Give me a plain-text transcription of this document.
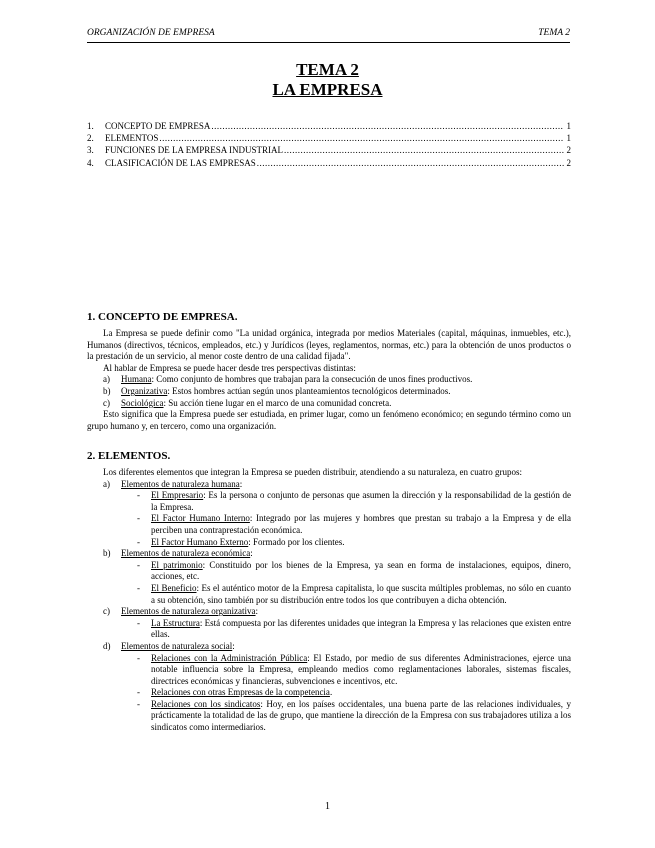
ORGANIZACIÓN DE EMPRESA	TEMA 2
TEMA 2
LA EMPRESA
1.	CONCEPTO DE EMPRESA .....	1
2.	ELEMENTOS .....	1
3.	FUNCIONES DE LA EMPRESA INDUSTRIAL .....	2
4.	CLASIFICACIÓN DE LAS EMPRESAS .....	2
1. CONCEPTO DE EMPRESA.

La Empresa se puede definir como "La unidad orgánica, integrada por medios Materiales (capital, máquinas, inmuebles, etc.), Humanos (directivos, técnicos, empleados, etc.) y Jurídicos (leyes, reglamentos, normas, etc.) para la obtención de unos productos o la prestación de un servicio, al menor coste dentro de una calidad fijada".

Al hablar de Empresa se puede hacer desde tres perspectivas distintas:

a)	Humana: Como conjunto de hombres que trabajan para la consecución de unos fines productivos.
b)	Organizativa: Estos hombres actúan según unos planteamientos tecnológicos determinados.
c)	Sociológica: Su acción tiene lugar en el marco de una comunidad concreta.

Esto significa que la Empresa puede ser estudiada, en primer lugar, como un fenómeno económico; en segundo término como un grupo humano y, en tercero, como una organización.

2. ELEMENTOS.

Los diferentes elementos que integran la Empresa se pueden distribuir, atendiendo a su naturaleza, en cuatro grupos:

a)	Elementos de naturaleza humana:
-	El Empresario: Es la persona o conjunto de personas que asumen la dirección y la responsabilidad de la gestión de la Empresa.
-	El Factor Humano Interno: Integrado por las mujeres y hombres que prestan su trabajo a la Empresa y de ella perciben una contraprestación económica.
-	El Factor Humano Externo: Formado por los clientes.
b)	Elementos de naturaleza económica:
-	El patrimonio: Constituido por los bienes de la Empresa, ya sean en forma de instalaciones, equipos, dinero, acciones, etc.
-	El Beneficio: Es el auténtico motor de la Empresa capitalista, lo que suscita múltiples problemas, no sólo en cuanto a su obtención, sino también por su distribución entre todos los que contribuyen a dicha obtención.
c)	Elementos de naturaleza organizativa:
-	La Estructura: Está compuesta por las diferentes unidades que integran la Empresa y las relaciones que existen entre ellas.
d)	Elementos de naturaleza social:
-	Relaciones con la Administración Pública: El Estado, por medio de sus diferentes Administraciones, ejerce una notable influencia sobre la Empresa, empleando medios como reglamentaciones laborales, sistemas fiscales, directrices económicas y financieras, subvenciones e incentivos, etc.
-	Relaciones con otras Empresas de la competencia.
-	Relaciones con los sindicatos: Hoy, en los países occidentales, una buena parte de las relaciones individuales, y prácticamente la totalidad de las de grupo, que mantiene la dirección de la Empresa con sus trabajadores utiliza a los sindicatos como intermediarios.
1
